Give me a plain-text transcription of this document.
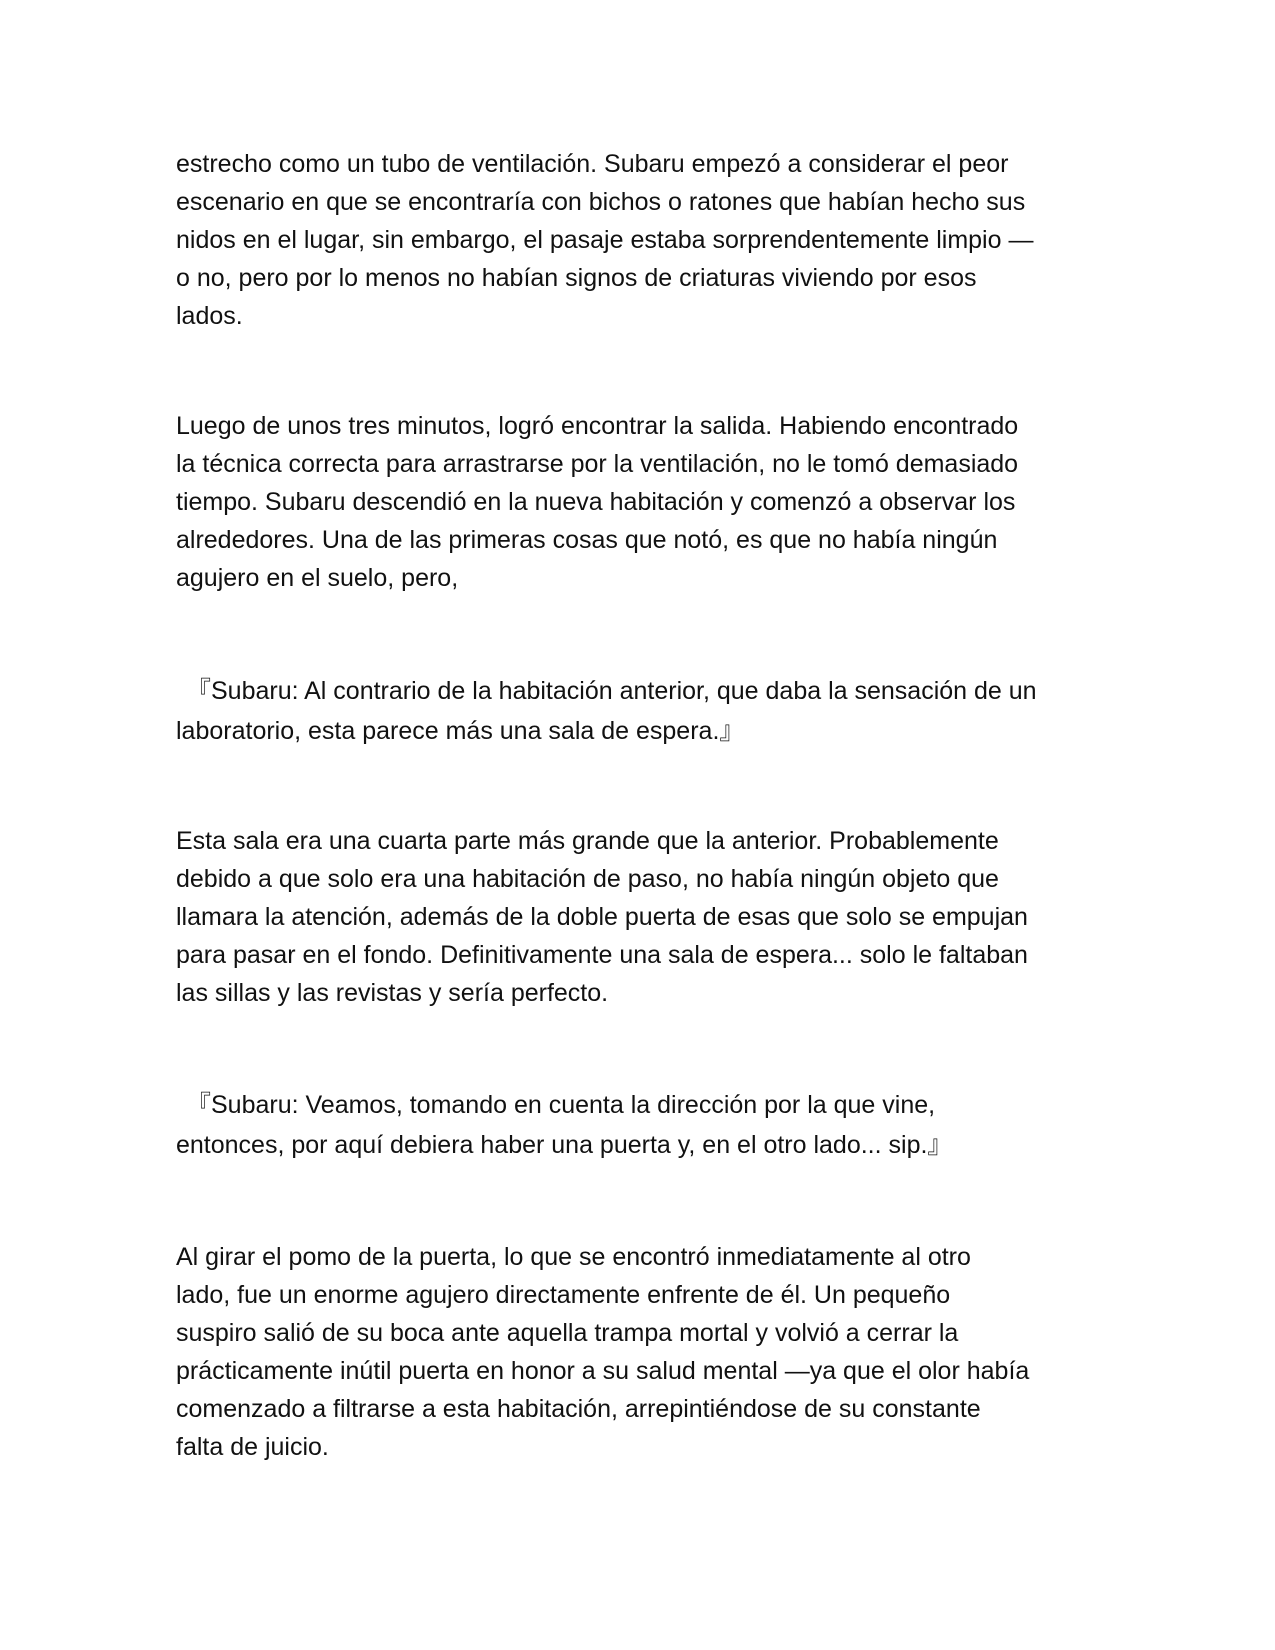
estrecho como un tubo de ventilación. Subaru empezó a considerar el peor
escenario en que se encontraría con bichos o ratones que habían hecho sus
nidos en el lugar, sin embargo, el pasaje estaba sorprendentemente limpio —
o no, pero por lo menos no habían signos de criaturas viviendo por esos
lados.

Luego de unos tres minutos, logró encontrar la salida. Habiendo encontrado
la técnica correcta para arrastrarse por la ventilación, no le tomó demasiado
tiempo. Subaru descendió en la nueva habitación y comenzó a observar los
alrededores. Una de las primeras cosas que notó, es que no había ningún
agujero en el suelo, pero,

『Subaru: Al contrario de la habitación anterior, que daba la sensación de un
laboratorio, esta parece más una sala de espera.』

Esta sala era una cuarta parte más grande que la anterior. Probablemente
debido a que solo era una habitación de paso, no había ningún objeto que
llamara la atención, además de la doble puerta de esas que solo se empujan
para pasar en el fondo. Definitivamente una sala de espera... solo le faltaban
las sillas y las revistas y sería perfecto.

『Subaru: Veamos, tomando en cuenta la dirección por la que vine,
entonces, por aquí debiera haber una puerta y, en el otro lado... sip.』

Al girar el pomo de la puerta, lo que se encontró inmediatamente al otro
lado, fue un enorme agujero directamente enfrente de él. Un pequeño
suspiro salió de su boca ante aquella trampa mortal y volvió a cerrar la
prácticamente inútil puerta en honor a su salud mental —ya que el olor había
comenzado a filtrarse a esta habitación, arrepintiéndose de su constante
falta de juicio.
